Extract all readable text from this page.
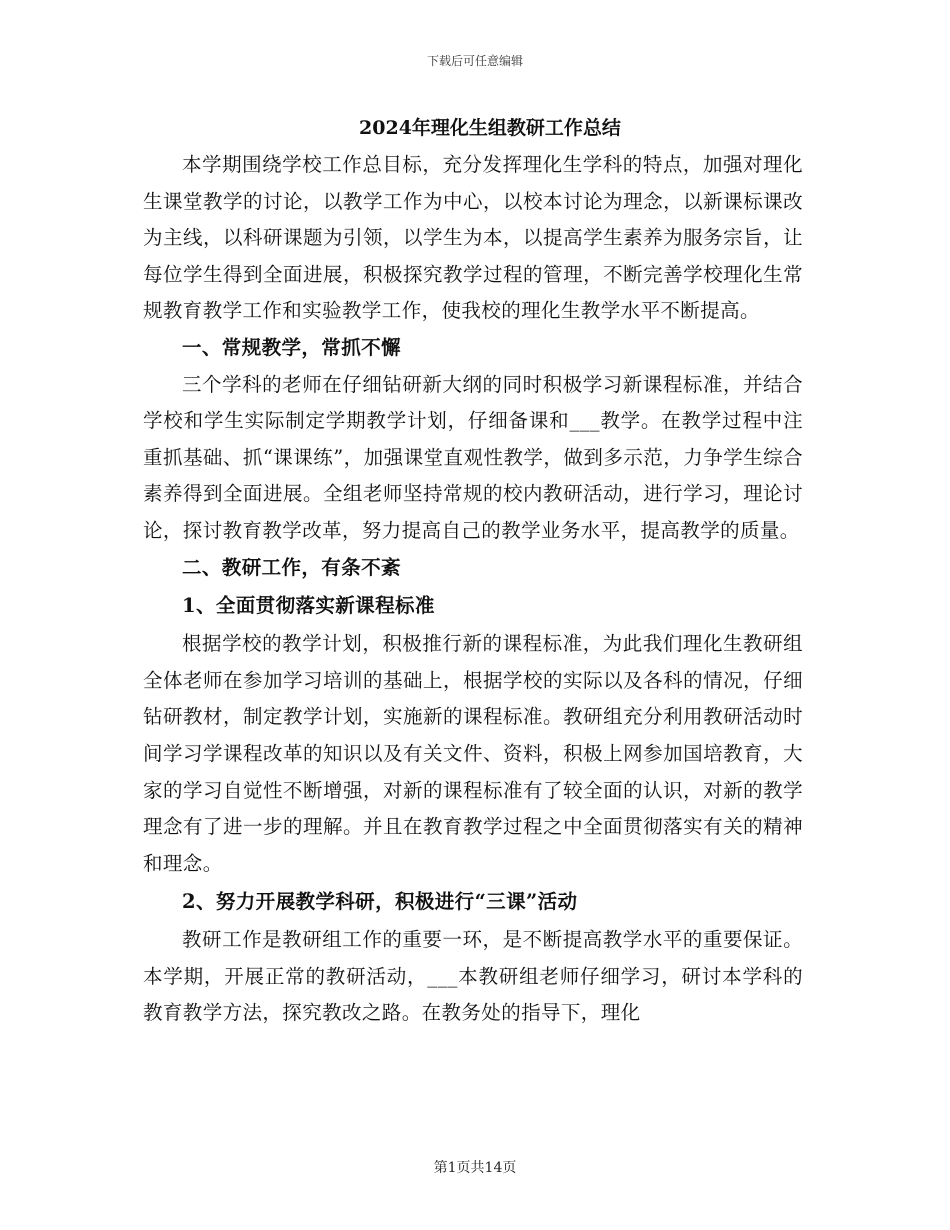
下载后可任意编辑
2024年理化生组教研工作总结

本学期围绕学校工作总目标，充分发挥理化生学科的特点，加强对理化生课堂教学的讨论，以教学工作为中心，以校本讨论为理念，以新课标课改为主线，以科研课题为引领，以学生为本，以提高学生素养为服务宗旨，让每位学生得到全面进展，积极探究教学过程的管理，不断完善学校理化生常规教育教学工作和实验教学工作，使我校的理化生教学水平不断提高。

一、常规教学，常抓不懈

三个学科的老师在仔细钻研新大纲的同时积极学习新课程标准，并结合学校和学生实际制定学期教学计划，仔细备课和___教学。在教学过程中注重抓基础、抓“课课练”，加强课堂直观性教学，做到多示范，力争学生综合素养得到全面进展。全组老师坚持常规的校内教研活动，进行学习，理论讨论，探讨教育教学改革，努力提高自己的教学业务水平，提高教学的质量。

二、教研工作，有条不紊
1、全面贯彻落实新课程标准

根据学校的教学计划，积极推行新的课程标准，为此我们理化生教研组全体老师在参加学习培训的基础上，根据学校的实际以及各科的情况，仔细钻研教材，制定教学计划，实施新的课程标准。教研组充分利用教研活动时间学习学课程改革的知识以及有关文件、资料，积极上网参加国培教育，大家的学习自觉性不断增强，对新的课程标准有了较全面的认识，对新的教学理念有了进一步的理解。并且在教育教学过程之中全面贯彻落实有关的精神和理念。

2、努力开展教学科研，积极进行“三课”活动

教研工作是教研组工作的重要一环，是不断提高教学水平的重要保证。本学期，开展正常的教研活动，___本教研组老师仔细学习，研讨本学科的教育教学方法，探究教改之路。在教务处的指导下，理化

第1页共14页
